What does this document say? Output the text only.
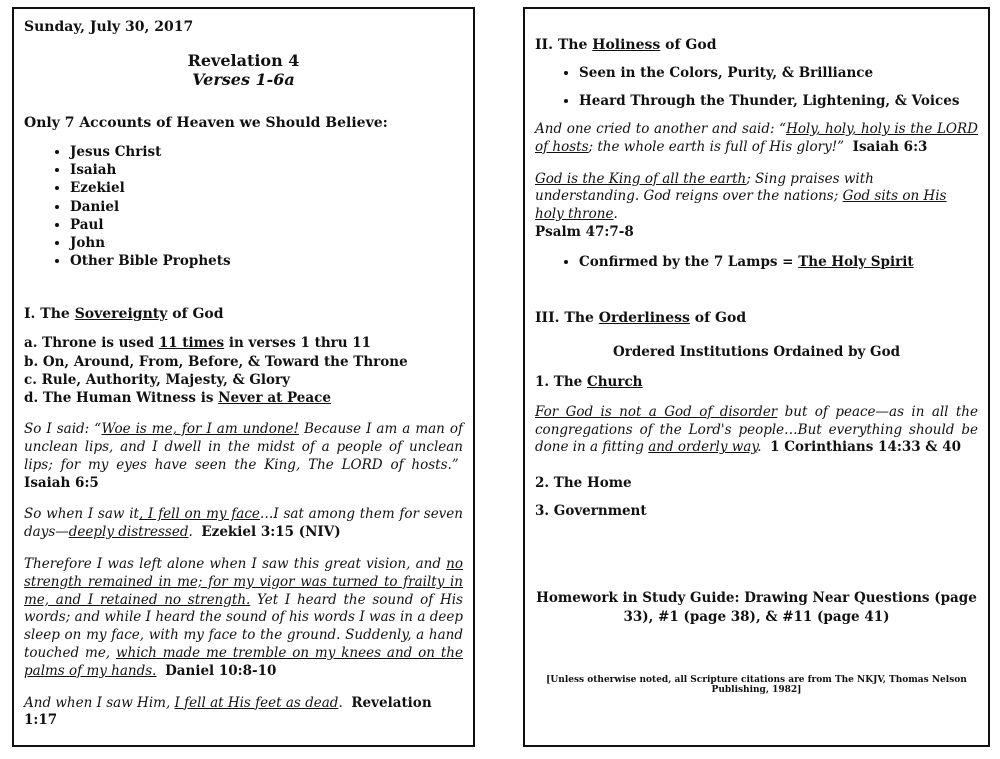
Sunday, July 30, 2017

Revelation 4
Verses 1-6a

Only 7 Accounts of Heaven we Should Believe:

• Jesus Christ
• Isaiah
• Ezekiel
• Daniel
• Paul
• John
• Other Bible Prophets

I. The Sovereignty of God

a. Throne is used 11 times in verses 1 thru 11
b. On, Around, From, Before, & Toward the Throne
c. Rule, Authority, Majesty, & Glory
d. The Human Witness is Never at Peace

So I said: “Woe is me, for I am undone! Because I am a man of unclean lips, and I dwell in the midst of a people of unclean lips; for my eyes have seen the King, The LORD of hosts.”  Isaiah 6:5

So when I saw it, I fell on my face…I sat among them for seven days—deeply distressed. Ezekiel 3:15 (NIV)

Therefore I was left alone when I saw this great vision, and no strength remained in me; for my vigor was turned to frailty in me, and I retained no strength. Yet I heard the sound of His words; and while I heard the sound of his words I was in a deep sleep on my face, with my face to the ground. Suddenly, a hand touched me, which made me tremble on my knees and on the palms of my hands. Daniel 10:8-10

And when I saw Him, I fell at His feet as dead. Revelation 1:17

II. The Holiness of God

• Seen in the Colors, Purity, & Brilliance
• Heard Through the Thunder, Lightening, & Voices

And one cried to another and said: “Holy, holy, holy is the LORD of hosts; the whole earth is full of His glory!” Isaiah 6:3

God is the King of all the earth; Sing praises with understanding. God reigns over the nations; God sits on His holy throne.
Psalm 47:7-8

• Confirmed by the 7 Lamps = The Holy Spirit

III. The Orderliness of God

Ordered Institutions Ordained by God

1. The Church

For God is not a God of disorder but of peace—as in all the congregations of the Lord's people…But everything should be done in a fitting and orderly way. 1 Corinthians 14:33 & 40

2. The Home

3. Government

Homework in Study Guide: Drawing Near Questions (page 33), #1 (page 38), & #11 (page 41)

[Unless otherwise noted, all Scripture citations are from The NKJV, Thomas Nelson Publishing, 1982]
